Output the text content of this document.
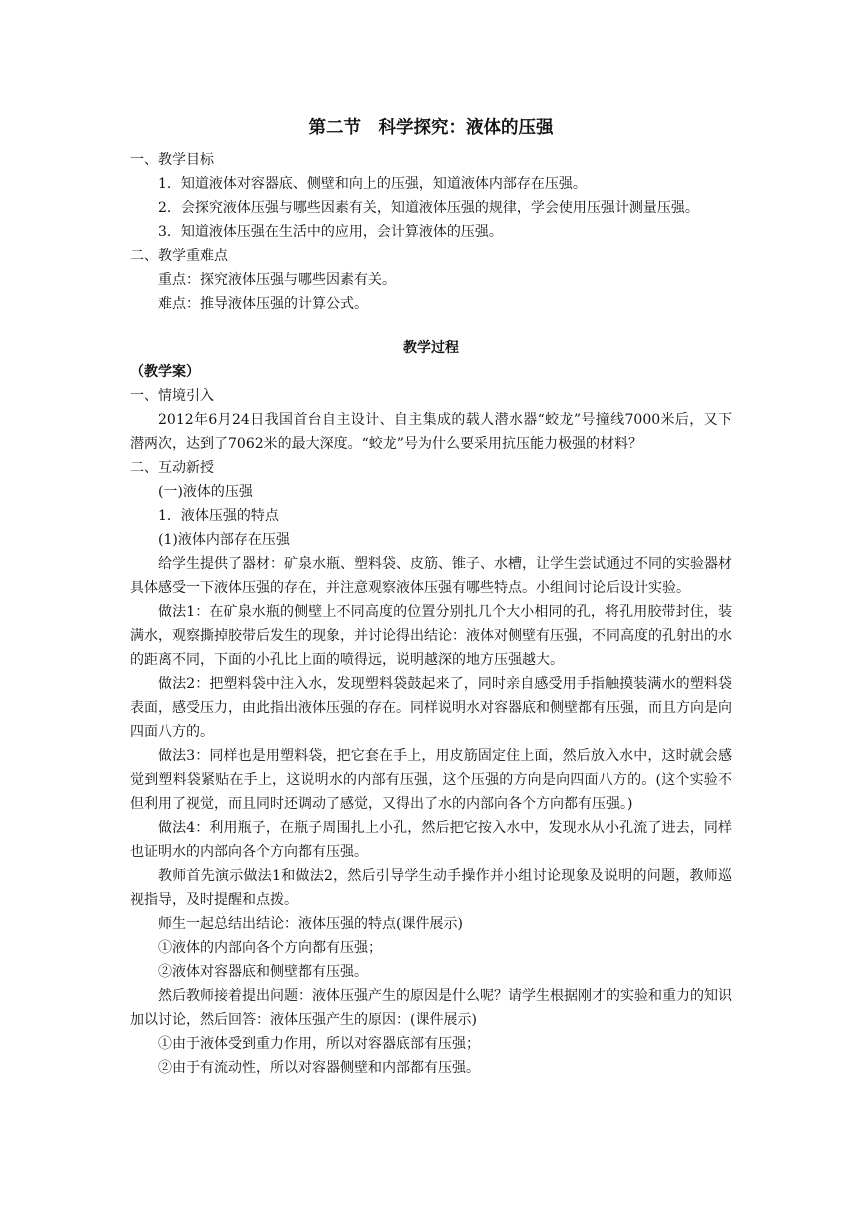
第二节　科学探究：液体的压强

一、教学目标

1．知道液体对容器底、侧壁和向上的压强，知道液体内部存在压强。

2．会探究液体压强与哪些因素有关，知道液体压强的规律，学会使用压强计测量压强。

3．知道液体压强在生活中的应用，会计算液体的压强。

二、教学重难点

重点：探究液体压强与哪些因素有关。

难点：推导液体压强的计算公式。

教学过程

（教学案）

一、情境引入

2012年6月24日我国首台自主设计、自主集成的载人潜水器“蛟龙”号撞线7000米后，又下潜两次，达到了7062米的最大深度。“蛟龙”号为什么要采用抗压能力极强的材料？

二、互动新授

(一)液体的压强

1．液体压强的特点

(1)液体内部存在压强

给学生提供了器材：矿泉水瓶、塑料袋、皮筋、锥子、水槽，让学生尝试通过不同的实验器材具体感受一下液体压强的存在，并注意观察液体压强有哪些特点。小组间讨论后设计实验。

做法1：在矿泉水瓶的侧壁上不同高度的位置分别扎几个大小相同的孔，将孔用胶带封住，装满水，观察撕掉胶带后发生的现象，并讨论得出结论：液体对侧壁有压强，不同高度的孔射出的水的距离不同，下面的小孔比上面的喷得远，说明越深的地方压强越大。

做法2：把塑料袋中注入水，发现塑料袋鼓起来了，同时亲自感受用手指触摸装满水的塑料袋表面，感受压力，由此指出液体压强的存在。同样说明水对容器底和侧壁都有压强，而且方向是向四面八方的。

做法3：同样也是用塑料袋，把它套在手上，用皮筋固定住上面，然后放入水中，这时就会感觉到塑料袋紧贴在手上，这说明水的内部有压强，这个压强的方向是向四面八方的。(这个实验不但利用了视觉，而且同时还调动了感觉，又得出了水的内部向各个方向都有压强。)

做法4：利用瓶子，在瓶子周围扎上小孔，然后把它按入水中，发现水从小孔流了进去，同样也证明水的内部向各个方向都有压强。

教师首先演示做法1和做法2，然后引导学生动手操作并小组讨论现象及说明的问题，教师巡视指导，及时提醒和点拨。

师生一起总结出结论：液体压强的特点(课件展示)

①液体的内部向各个方向都有压强；

②液体对容器底和侧壁都有压强。

然后教师接着提出问题：液体压强产生的原因是什么呢？请学生根据刚才的实验和重力的知识加以讨论，然后回答：液体压强产生的原因：(课件展示)

①由于液体受到重力作用，所以对容器底部有压强；

②由于有流动性，所以对容器侧壁和内部都有压强。
